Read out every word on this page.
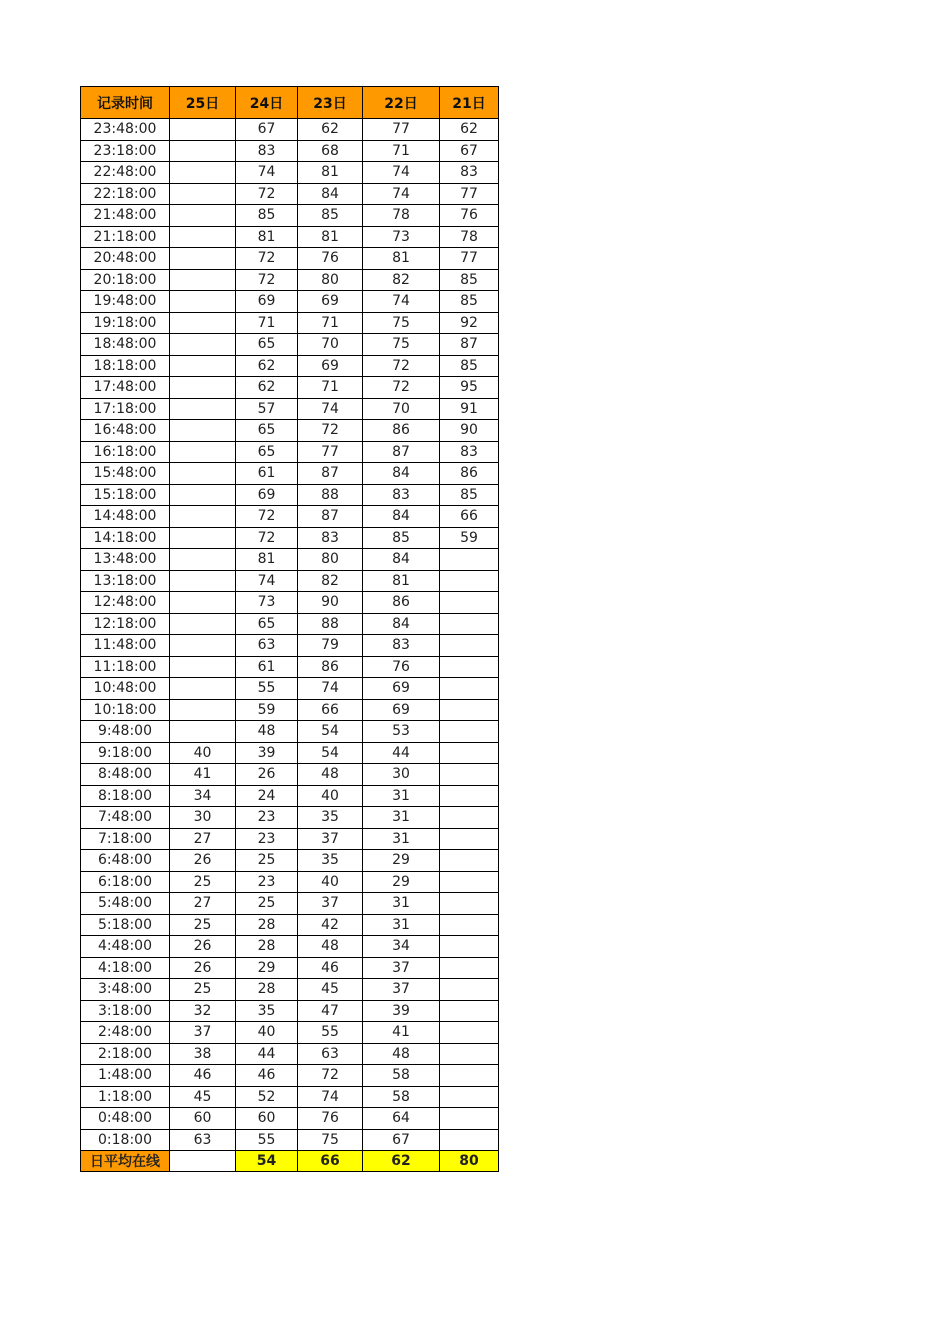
记录时间	25日	24日	23日	22日	21日
23:48:00		67	62	77	62
23:18:00		83	68	71	67
22:48:00		74	81	74	83
22:18:00		72	84	74	77
21:48:00		85	85	78	76
21:18:00		81	81	73	78
20:48:00		72	76	81	77
20:18:00		72	80	82	85
19:48:00		69	69	74	85
19:18:00		71	71	75	92
18:48:00		65	70	75	87
18:18:00		62	69	72	85
17:48:00		62	71	72	95
17:18:00		57	74	70	91
16:48:00		65	72	86	90
16:18:00		65	77	87	83
15:48:00		61	87	84	86
15:18:00		69	88	83	85
14:48:00		72	87	84	66
14:18:00		72	83	85	59
13:48:00		81	80	84	
13:18:00		74	82	81	
12:48:00		73	90	86	
12:18:00		65	88	84	
11:48:00		63	79	83	
11:18:00		61	86	76	
10:48:00		55	74	69	
10:18:00		59	66	69	
9:48:00		48	54	53	
9:18:00	40	39	54	44	
8:48:00	41	26	48	30	
8:18:00	34	24	40	31	
7:48:00	30	23	35	31	
7:18:00	27	23	37	31	
6:48:00	26	25	35	29	
6:18:00	25	23	40	29	
5:48:00	27	25	37	31	
5:18:00	25	28	42	31	
4:48:00	26	28	48	34	
4:18:00	26	29	46	37	
3:48:00	25	28	45	37	
3:18:00	32	35	47	39	
2:48:00	37	40	55	41	
2:18:00	38	44	63	48	
1:48:00	46	46	72	58	
1:18:00	45	52	74	58	
0:48:00	60	60	76	64	
0:18:00	63	55	75	67	
日平均在线		54	66	62	80
